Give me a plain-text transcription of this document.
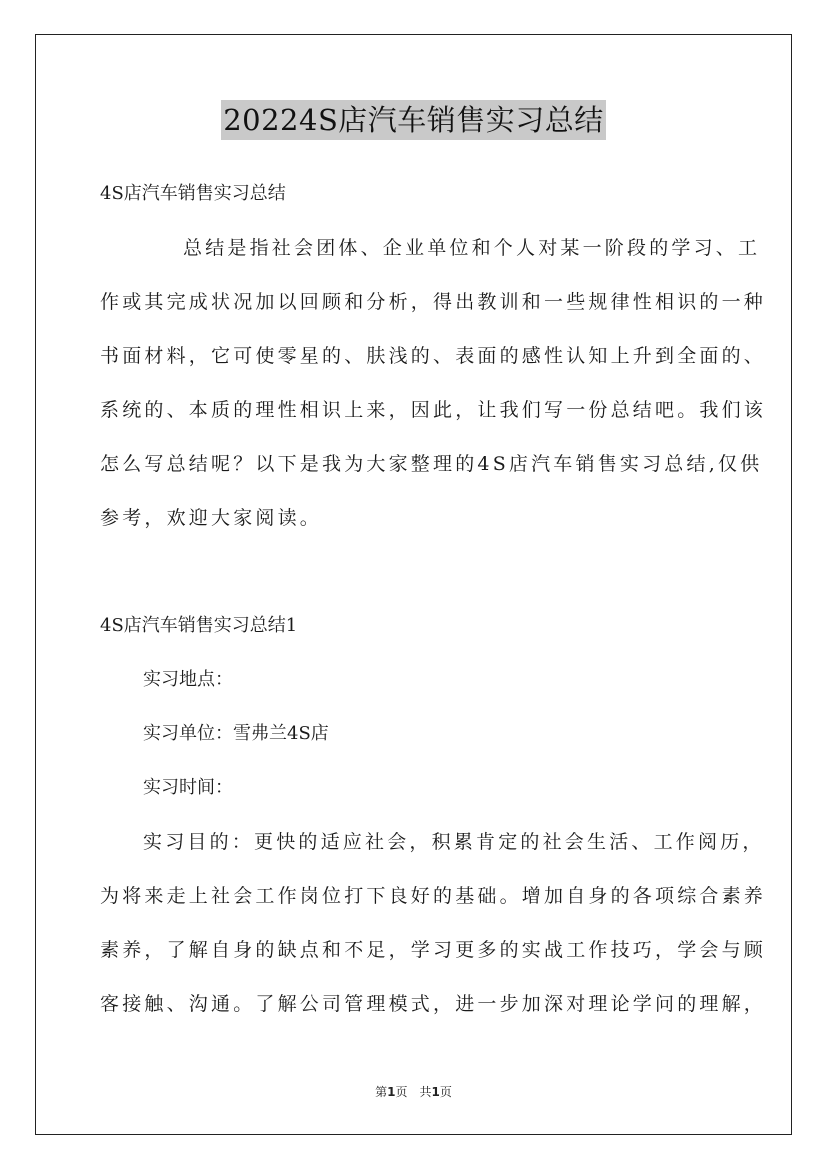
20224S店汽车销售实习总结
4S店汽车销售实习总结
总结是指社会团体、企业单位和个人对某一阶段的学习、工
作或其完成状况加以回顾和分析，得出教训和一些规律性相识的一种
书面材料，它可使零星的、肤浅的、表面的感性认知上升到全面的、
系统的、本质的理性相识上来，因此，让我们写一份总结吧。我们该
怎么写总结呢？以下是我为大家整理的4S店汽车销售实习总结,仅供
参考，欢迎大家阅读。
4S店汽车销售实习总结1
实习地点：
实习单位：雪弗兰4S店
实习时间：
实习目的：更快的适应社会，积累肯定的社会生活、工作阅历，
为将来走上社会工作岗位打下良好的基础。增加自身的各项综合素养
素养，了解自身的缺点和不足，学习更多的实战工作技巧，学会与顾
客接触、沟通。了解公司管理模式，进一步加深对理论学问的理解，
第1页　共1页
